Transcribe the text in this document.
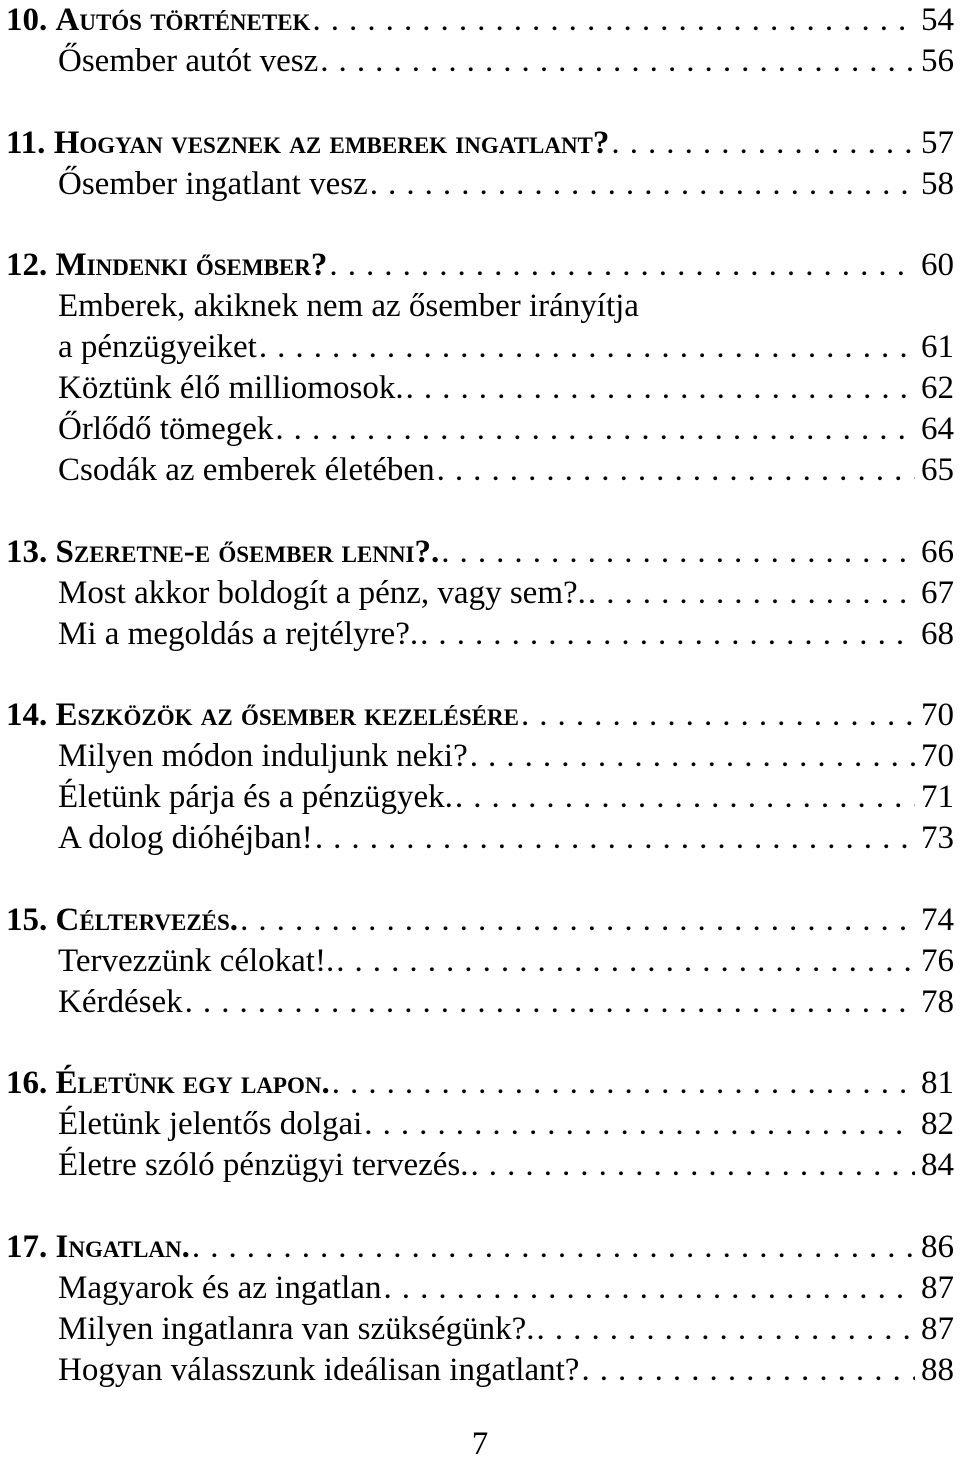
10. Autós történetek . . .	54
Ősember autót vesz . . .	56
11. Hogyan vesznek az emberek ingatlant? . . .	57
Ősember ingatlant vesz . . .	58
12. Mindenki ősember? . . .	60
Emberek, akiknek nem az ősember irányítja
a pénzügyeiket . . .	61
Köztünk élő milliomosok. . . .	62
Őrlődő tömegek . . .	64
Csodák az emberek életében . . .	65
13. Szeretne-e ősember lenni?. . . .	66
Most akkor boldogít a pénz, vagy sem?. . . .	67
Mi a megoldás a rejtélyre?. . . .	68
14. Eszközök az ősember kezelésére . . .	70
Milyen módon induljunk neki? . . .	70
Életünk párja és a pénzügyek. . . .	71
A dolog dióhéjban! . . .	73
15. Céltervezés. . . .	74
Tervezzünk célokat!. . . .	76
Kérdések . . .	78
16. Életünk egy lapon. . . .	81
Életünk jelentős dolgai . . .	82
Életre szóló pénzügyi tervezés. . . .	84
17. Ingatlan. . . .	86
Magyarok és az ingatlan . . .	87
Milyen ingatlanra van szükségünk?. . . .	87
Hogyan válasszunk ideálisan ingatlant? . . .	88
7
